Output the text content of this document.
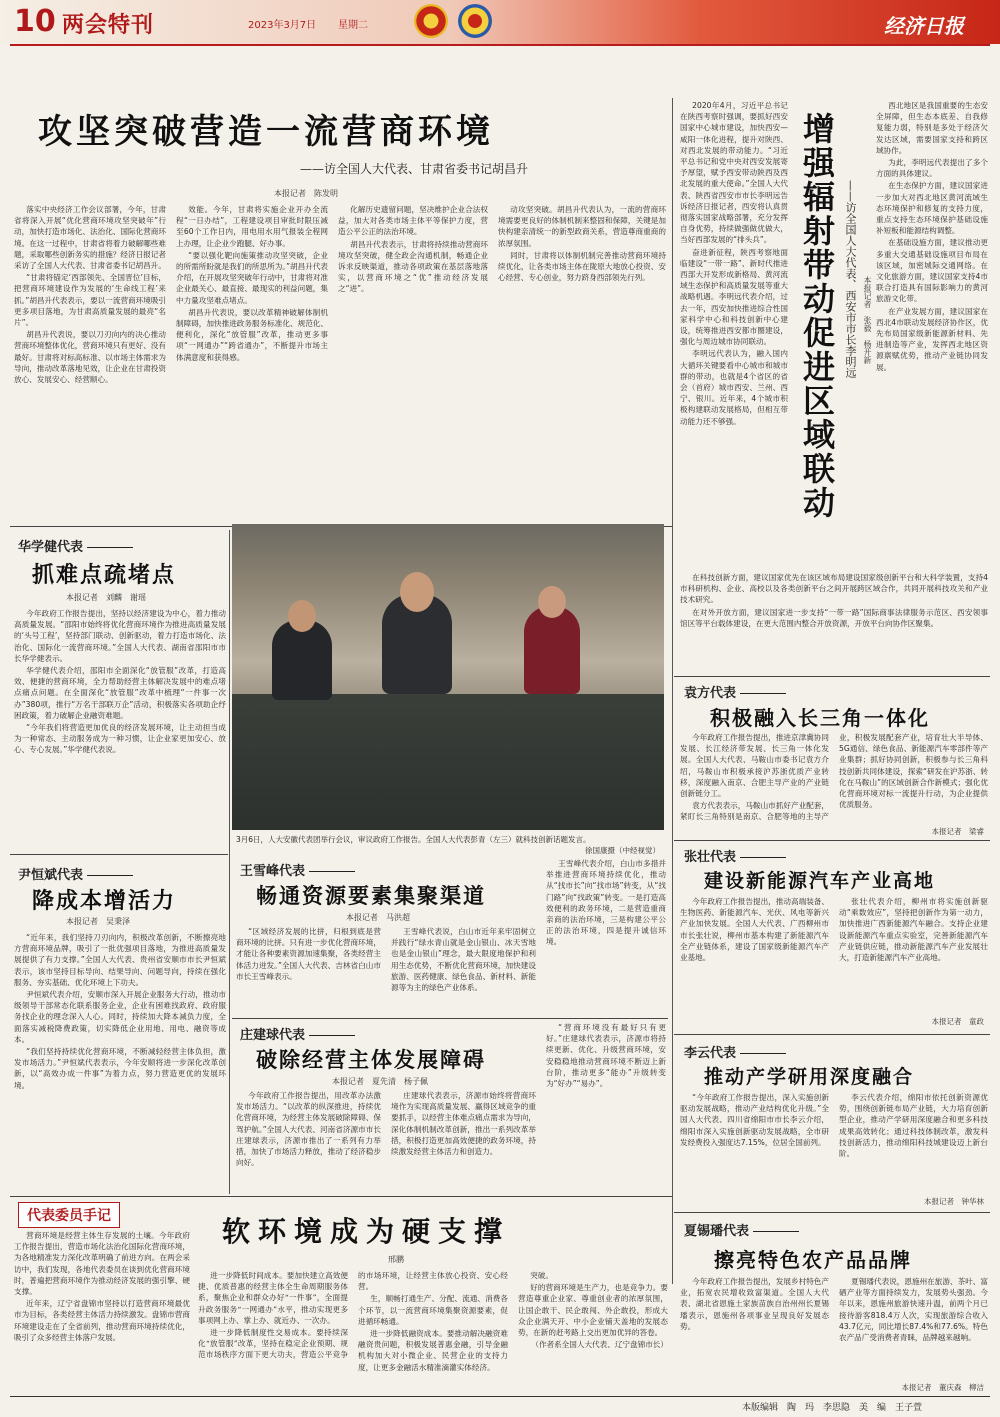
10 两会特刊	2023年3月7日 星期二	经济日报
攻坚突破营造一流营商环境
——访全国人大代表、甘肃省委书记胡昌升
本报记者　陈发明

落实中央经济工作会议部署，今年，甘肃省将深入开展“优化营商环境攻坚突破年”行动，加快打造市场化、法治化、国际化营商环境。在这一过程中，甘肃省将着力破解哪些难题，采取哪些创新务实的措施？经济日报记者采访了全国人大代表、甘肃省委书记胡昌升。

“甘肃将锚定‘西部领先、全国晋位’目标，把营商环境建设作为发展的‘生命线工程’来抓。”胡昌升代表表示，要以一流营商环境吸引更多项目落地，为甘肃高质量发展的最亮“名片”。

胡昌升代表说，要以刀刃向内的决心推动营商环境整体优化，营商环境只有更好、没有最好。甘肃将对标高标准、以市场主体需求为导向，推动改革落地见效，让企业在甘肃投资放心、发展安心、经营顺心。

效能。今年，甘肃将实施企业开办全流程“一日办结”，工程建设项目审批时限压减至60个工作日内，用电用水用气报装全程网上办理，让企业少跑腿、好办事。

“要以强化靶向施策推动攻坚突破，企业的所需所盼就是我们的所思所为。”胡昌升代表介绍，在开展攻坚突破年行动中，甘肃将对准企业最关心、最直接、最现实的利益问题，集中力量攻坚难点堵点。

胡昌升代表说，要以改革精神破解体制机制障碍，加快推进政务服务标准化、规范化、便利化，深化“放管服”改革，推动更多事项“一网通办”“跨省通办”，不断提升市场主体满意度和获得感。

化解历史遗留问题，坚决维护企业合法权益，加大对各类市场主体平等保护力度，营造公平公正的法治环境。

胡昌升代表表示，甘肃将持续推动营商环境攻坚突破，健全政企沟通机制，畅通企业诉求反映渠道，推动各项政策在基层落地落实，以营商环境之“优”推动经济发展之“进”。

动攻坚突破。胡昌升代表认为，一流的营商环境需要更良好的体制机制来整固和保障，关键是加快构建亲清统一的新型政商关系，营造尊商重商的浓厚氛围。

同时，甘肃将以体制机制完善推动营商环境持续优化，让各类市场主体在陇原大地放心投资、安心经营、专心创业，努力跻身西部领先行列。

2020年4月，习近平总书记在陕西考察时强调，要抓好西安国家中心城市建设，加快西安—咸阳一体化进程，提升对陕西、对西北发展的带动能力。“习近平总书记和党中央对西安发展寄予厚望，赋予西安带动陕西及西北发展的重大使命。”全国人大代表、陕西省西安市市长李明远告诉经济日报记者，西安将认真贯彻落实国家战略部署，充分发挥自身优势，持续做强做优做大，当好西部发展的“排头兵”。

奋进新征程，陕西考察地面临建设“一带一路”、新时代推进西部大开发形成新格局、黄河流域生态保护和高质量发展等重大战略机遇。李明远代表介绍，过去一年，西安加快推进综合性国家科学中心和科技创新中心建设，统筹推进西安都市圈建设，强化与周边城市协同联动。

李明远代表认为，融入国内大循环关键要看中心城市和城市群的带动，也就是4个省区的省会（首府）城市西安、兰州、西宁、银川。近年来，4个城市积极构建联动发展格局，但相互带动能力还不够强。	增强辐射带动促进区域联动 ——访全国人大代表、西安市市长李明远 本报记者　张毅　杨开新

西北地区是我国重要的生态安全屏障，但生态本底差、自我修复能力弱，特别是多处于经济欠发达区域，需要国家支持和跨区域协作。

为此，李明远代表提出了多个方面的具体建议。

在生态保护方面，建议国家进一步加大对西北地区黄河流域生态环境保护和修复的支持力度，重点支持生态环境保护基础设施补短板和能源结构调整。

在基础设施方面，建议推动更多重大交通基础设施项目布局在该区域，加密城际交通网络。在文化旅游方面，建议国家支持4市联合打造具有国际影响力的黄河旅游文化带。

在产业发展方面，建议国家在西北4市联动发展经济协作区，优先布局国家级新能源新材料、先进制造等产业，发挥西北地区资源禀赋优势，推动产业链协同发展。

在科技创新方面，建议国家优先在该区域布局建设国家级创新平台和大科学装置，支持4市科研机构、企业、高校以及各类创新平台之间开展跨区域合作，共同开展科技攻关和产业技术研究。

在对外开放方面，建议国家进一步支持“一带一路”国际商事法律服务示范区、西安领事馆区等平台载体建设，在更大范围内整合开放资源，开放平台向协作区聚集。

3月6日，人大安徽代表团举行会议，审议政府工作报告。全国人大代表彭青（左三）就科技创新话题发言。
徐国康摄（中经视觉）
华学健代表
抓难点疏堵点
本报记者　刘麟　谢瑶

今年政府工作报告提出，坚持以经济建设为中心，着力推动高质量发展。“邵阳市始终将优化营商环境作为推进高质量发展的‘头号工程’，坚持部门联动、创新驱动，着力打造市场化、法治化、国际化一流营商环境。”全国人大代表、湖南省邵阳市市长华学健表示。

华学健代表介绍，邵阳市全面深化“放管服”改革，打造高效、便捷的营商环境，全力帮助经营主体解决发展中的难点堵点痛点问题。在全面深化“放管服”改革中梳理“一件事一次办”380项，推行“万名干部联万企”活动，积极落实各项助企纾困政策，着力破解企业融资难题。

“今年我们将营造更加优良的经济发展环境，让主动担当成为一种常态、主动服务成为一种习惯，让企业家更加安心、放心、专心发展。”华学健代表说。

尹恒斌代表
降成本增活力
本报记者　吴秉泽

“近年来，我们坚持刀刃向内，积极改革创新，不断擦亮地方营商环境品牌，吸引了一批优强项目落地，为推进高质量发展提供了有力支撑。”全国人大代表、贵州省安顺市市长尹恒斌表示，该市坚持目标导向、结果导向、问题导向，持续在强化服务、夯实基础、优化环境上下功夫。

尹恒斌代表介绍，安顺市深入开展企业服务大行动，推动市级领导干部常态化联系服务企业，企业有困难找政府、政府服务找企业的理念深入人心。同时，持续加大降本减负力度，全面落实减税降费政策，切实降低企业用地、用电、融资等成本。

“我们坚持持续优化营商环境，不断减轻经营主体负担，激发市场活力。”尹恒斌代表表示，今年安顺将进一步深化改革创新，以“高效办成一件事”为着力点，努力营造更优的发展环境。

王雪峰代表
畅通资源要素集聚渠道
本报记者　马洪超

“区域经济发展的比拼，归根到底是营商环境的比拼。只有进一步优化营商环境，才能让各种要素资源加速集聚，各类经营主体活力迸发。”全国人大代表、吉林省白山市市长王雪峰表示。

王雪峰代表说，白山市近年来牢固树立并践行“绿水青山就是金山银山、冰天雪地也是金山银山”理念，最大限度地保护和利用生态优势，不断优化营商环境，加快建设旅游、医药健康、绿色食品、新材料、新能源等为主的绿色产业体系。

王雪峰代表介绍，白山市多措并举推进营商环境持续优化，推动从“找市长”向“找市场”转变，从“找门路”向“找政策”转变。一是打造高效便利的政务环境，二是营造重商亲商的法治环境，三是构建公平公正的法治环境，四是提升诚信环境。

庄建球代表
破除经营主体发展障碍
本报记者　夏先清　杨子佩

今年政府工作报告提出，用改革办法激发市场活力。“以改革的纵深推进，持续优化营商环境，为经营主体发展破除障碍、保驾护航。”全国人大代表、河南省济源市市长庄建球表示，济源市推出了一系列有力举措，加快了市场活力释放，推动了经济稳步向好。

庄建球代表表示，济源市始终将营商环境作为实现高质量发展、赢得区域竞争的重要抓手，以经营主体难点痛点需求为导向，深化体制机制改革创新，推出一系列改革举措，积极打造更加高效便捷的政务环境，持续激发经营主体活力和创造力。

“营商环境没有最好只有更好。”庄建球代表表示，济源市将持续更新、优化、升级营商环境，安安稳稳地推动营商环境不断迈上新台阶，推动更多“能办”升级转变为“好办”“易办”。

袁方代表
积极融入长三角一体化

今年政府工作报告提出，推进京津冀协同发展、长江经济带发展、长三角一体化发展。全国人大代表、马鞍山市委书记袁方介绍，马鞍山市积极承接沪苏浙优质产业转移，深度融入南京、合肥主导产业的产业链创新链分工。

袁方代表表示，马鞍山市抓好产业配套，紧盯长三角特别是南京、合肥等地的主导产业，积极发展配套产业，培育壮大半导体、5G通信、绿色食品、新能源汽车零部件等产业集群；抓好协同创新，积极参与长三角科技创新共同体建设，探索“研发在沪苏浙、转化在马鞍山”的区域创新合作新模式；强化优化营商环境对标一流提升行动，为企业提供优质服务。

本报记者　梁睿
张壮代表
建设新能源汽车产业高地

今年政府工作报告提出，推动高端装备、生物医药、新能源汽车、光伏、风电等新兴产业加快发展。全国人大代表、广西柳州市市长张壮说，柳州市基本构建了新能源汽车全产业链体系，建设了国家级新能源汽车产业基地。

张壮代表介绍，柳州市将实施创新驱动“乘数效应”，坚持把创新作为第一动力，加快推进广西新能源汽车融合。支持企业建设新能源汽车重点实验室，完善新能源汽车产业链供应链，推动新能源汽车产业发展壮大，打造新能源汽车产业高地。

本报记者　童政
李云代表
推动产学研用深度融合

“今年政府工作报告提出，深入实施创新驱动发展战略，推动产业结构优化升级。”全国人大代表、四川省绵阳市市长李云介绍，绵阳市深入实施创新驱动发展战略，全市研发经费投入强度达7.15%，位居全国前列。

李云代表介绍，绵阳市依托创新资源优势，围绕创新链布局产业链，大力培育创新型企业，推动产学研用深度融合和更多科技成果高效转化；通过科技体制改革，激发科技创新活力，推动绵阳科技城建设迈上新台阶。

本报记者　钟华林
夏锡璠代表
擦亮特色农产品品牌

今年政府工作报告提出，发展乡村特色产业，拓宽农民增收致富渠道。全国人大代表、湖北省恩施土家族苗族自治州州长夏锡璠表示，恩施州各项事业呈现良好发展态势。

夏锡璠代表说，恩施州在旅游、茶叶、富硒产业等方面持续发力，发展势头强劲。今年以来，恩施州旅游快速升温，前两个月已接待游客818.4万人次，实现旅游综合收入43.7亿元，同比增长87.4%和77.6%。特色农产品广受消费者青睐，品牌越来越响。

本报记者　董庆森　柳洁
代表委员手记	软环境成为硬支撑
邢鹏

营商环境是经营主体生存发展的土壤。今年政府工作报告提出，营造市场化法治化国际化营商环境，为各地精准发力深化改革明确了前进方向。在两会采访中，我们发现，各地代表委员在谈到优化营商环境时，普遍把营商环境作为推动经济发展的强引擎、硬支撑。

近年来，辽宁省盘锦市坚持以打造营商环境最优市为目标，各类经营主体活力持续激发。盘锦市营商环境建设走在了全省前列，推动营商环境持续优化，吸引了众多经营主体落户发展。

进一步降低时间成本。要加快建立高效便捷、优质普惠的经营主体全生命周期服务体系，聚焦企业和群众办好“一件事”，全面提升政务服务“一网通办”水平，推动实现更多事项网上办、掌上办、就近办、一次办。

进一步降低制度性交易成本。要持续深化“放管服”改革，坚持在稳定企业预期、规范市场秩序方面下更大功夫，营造公平竞争的市场环境，让经营主体放心投资、安心经营。

生，顺畅打通生产、分配、流通、消费各个环节，以一流营商环境集聚资源要素，促进循环畅通。

进一步降低融资成本。要推动解决融资难融资贵问题，积极发展普惠金融，引导金融机构加大对小微企业、民营企业的支持力度，让更多金融活水精准滴灌实体经济。

突破。

好的营商环境是生产力，也是竞争力。要营造尊重企业家、尊重创业者的浓厚氛围，让国企敢干、民企敢闯、外企敢投，形成大众企业满天开、中小企业铺天盖地的发展态势，在新的赶考路上交出更加优异的答卷。

（作者系全国人大代表、辽宁盘锦市长）

本版编辑　陶　玛　李思隐　美　编　王子萱
